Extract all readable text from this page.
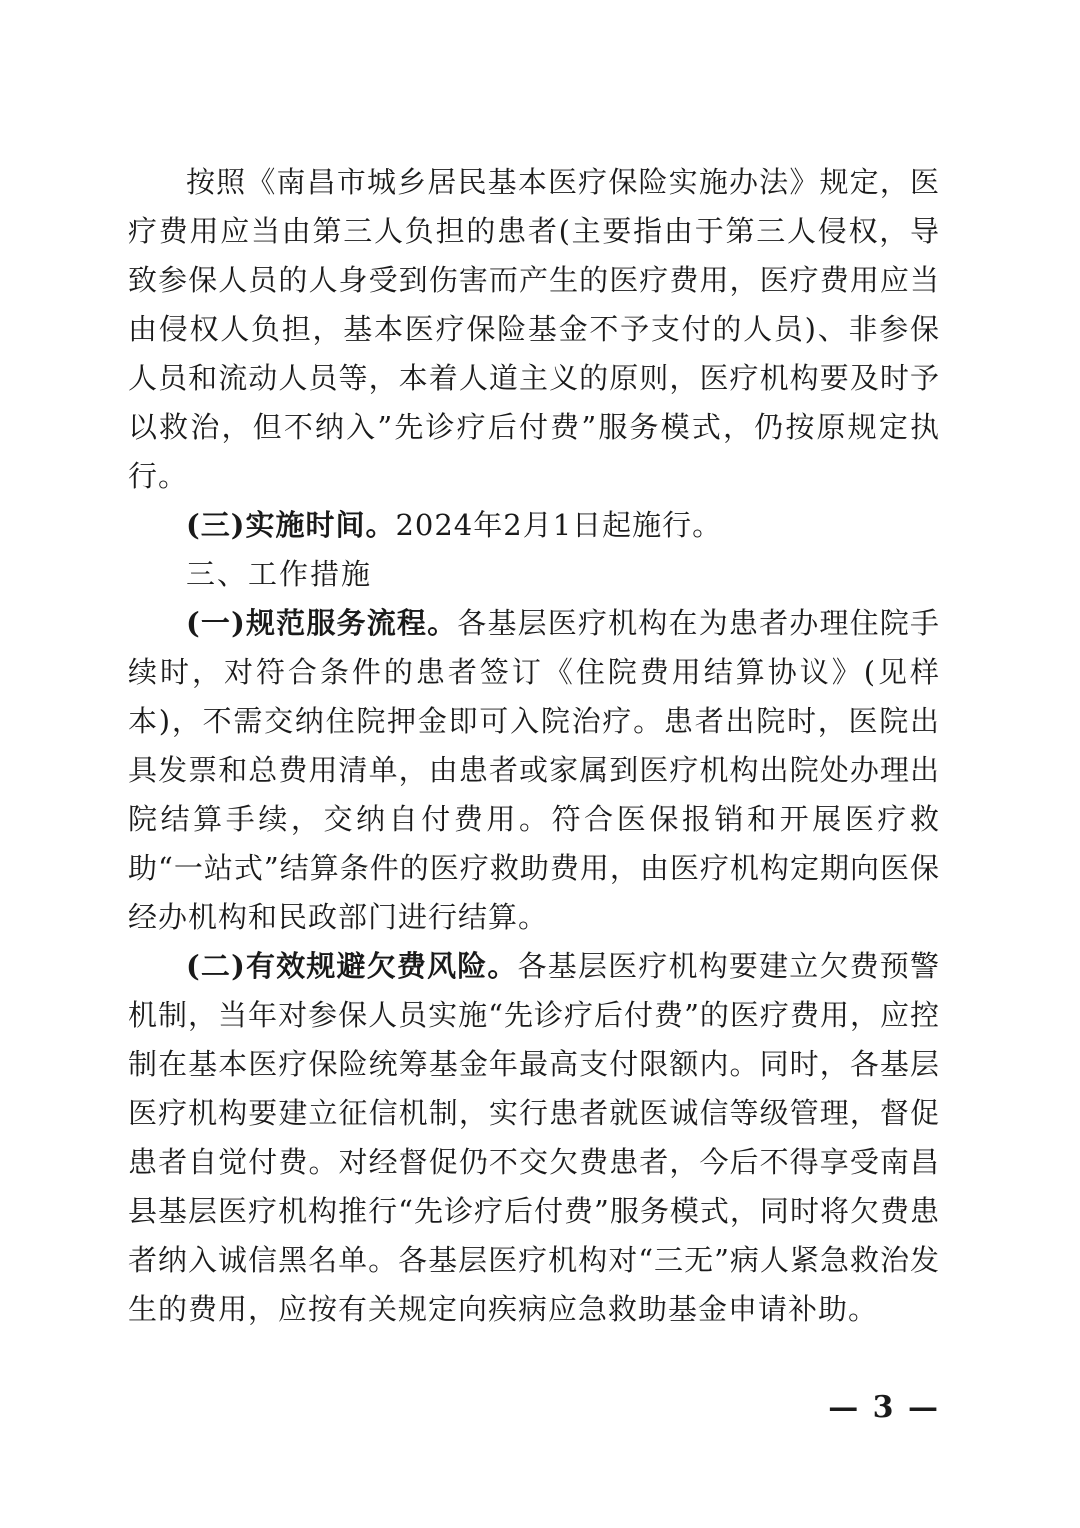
按照《南昌市城乡居民基本医疗保险实施办法》规定，医疗费用应当由第三人负担的患者(主要指由于第三人侵权，导致参保人员的人身受到伤害而产生的医疗费用，医疗费用应当由侵权人负担，基本医疗保险基金不予支付的人员)、非参保人员和流动人员等，本着人道主义的原则，医疗机构要及时予以救治，但不纳入”先诊疗后付费”服务模式，仍按原规定执行。

(三)实施时间。2024年2月1日起施行。

三、工作措施

(一)规范服务流程。各基层医疗机构在为患者办理住院手续时，对符合条件的患者签订《住院费用结算协议》(见样本)，不需交纳住院押金即可入院治疗。患者出院时，医院出具发票和总费用清单，由患者或家属到医疗机构出院处办理出院结算手续，交纳自付费用。符合医保报销和开展医疗救助“一站式”结算条件的医疗救助费用，由医疗机构定期向医保经办机构和民政部门进行结算。

(二)有效规避欠费风险。各基层医疗机构要建立欠费预警机制，当年对参保人员实施“先诊疗后付费”的医疗费用，应控制在基本医疗保险统筹基金年最高支付限额内。同时，各基层医疗机构要建立征信机制，实行患者就医诚信等级管理，督促患者自觉付费。对经督促仍不交欠费患者，今后不得享受南昌县基层医疗机构推行“先诊疗后付费”服务模式，同时将欠费患者纳入诚信黑名单。各基层医疗机构对“三无”病人紧急救治发生的费用，应按有关规定向疾病应急救助基金申请补助。

— 3 —
